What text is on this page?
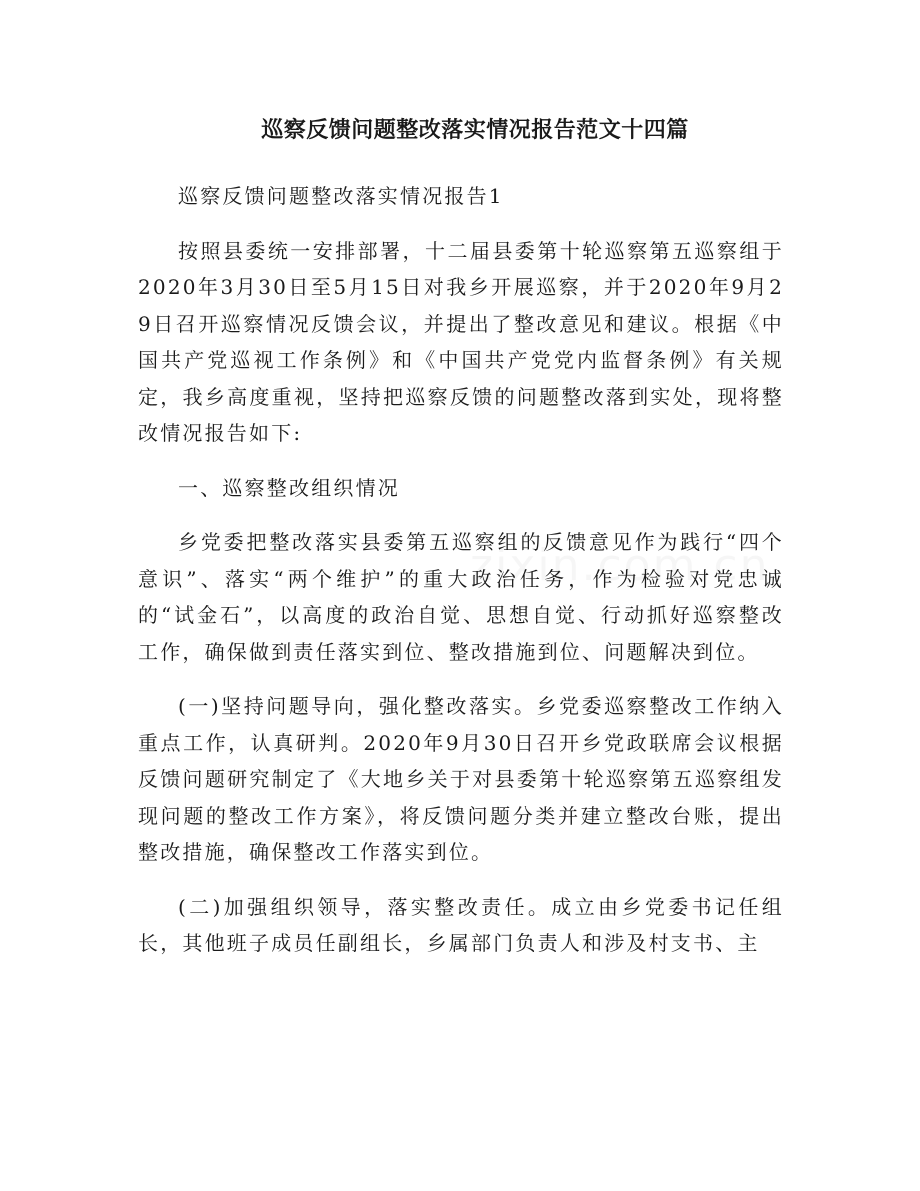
巡察反馈问题整改落实情况报告范文十四篇

巡察反馈问题整改落实情况报告1

按照县委统一安排部署，十二届县委第十轮巡察第五巡察组于2020年3月30日至5月15日对我乡开展巡察，并于2020年9月29日召开巡察情况反馈会议，并提出了整改意见和建议。根据《中国共产党巡视工作条例》和《中国共产党党内监督条例》有关规定，我乡高度重视，坚持把巡察反馈的问题整改落到实处，现将整改情况报告如下:

一、巡察整改组织情况

乡党委把整改落实县委第五巡察组的反馈意见作为践行“四个意识”、落实“两个维护”的重大政治任务，作为检验对党忠诚的“试金石”，以高度的政治自觉、思想自觉、行动抓好巡察整改工作，确保做到责任落实到位、整改措施到位、问题解决到位。

(一)坚持问题导向，强化整改落实。乡党委巡察整改工作纳入重点工作，认真研判。2020年9月30日召开乡党政联席会议根据反馈问题研究制定了《大地乡关于对县委第十轮巡察第五巡察组发现问题的整改工作方案》，将反馈问题分类并建立整改台账，提出整改措施，确保整改工作落实到位。

(二)加强组织领导，落实整改责任。成立由乡党委书记任组长，其他班子成员任副组长，乡属部门负责人和涉及村支书、主
